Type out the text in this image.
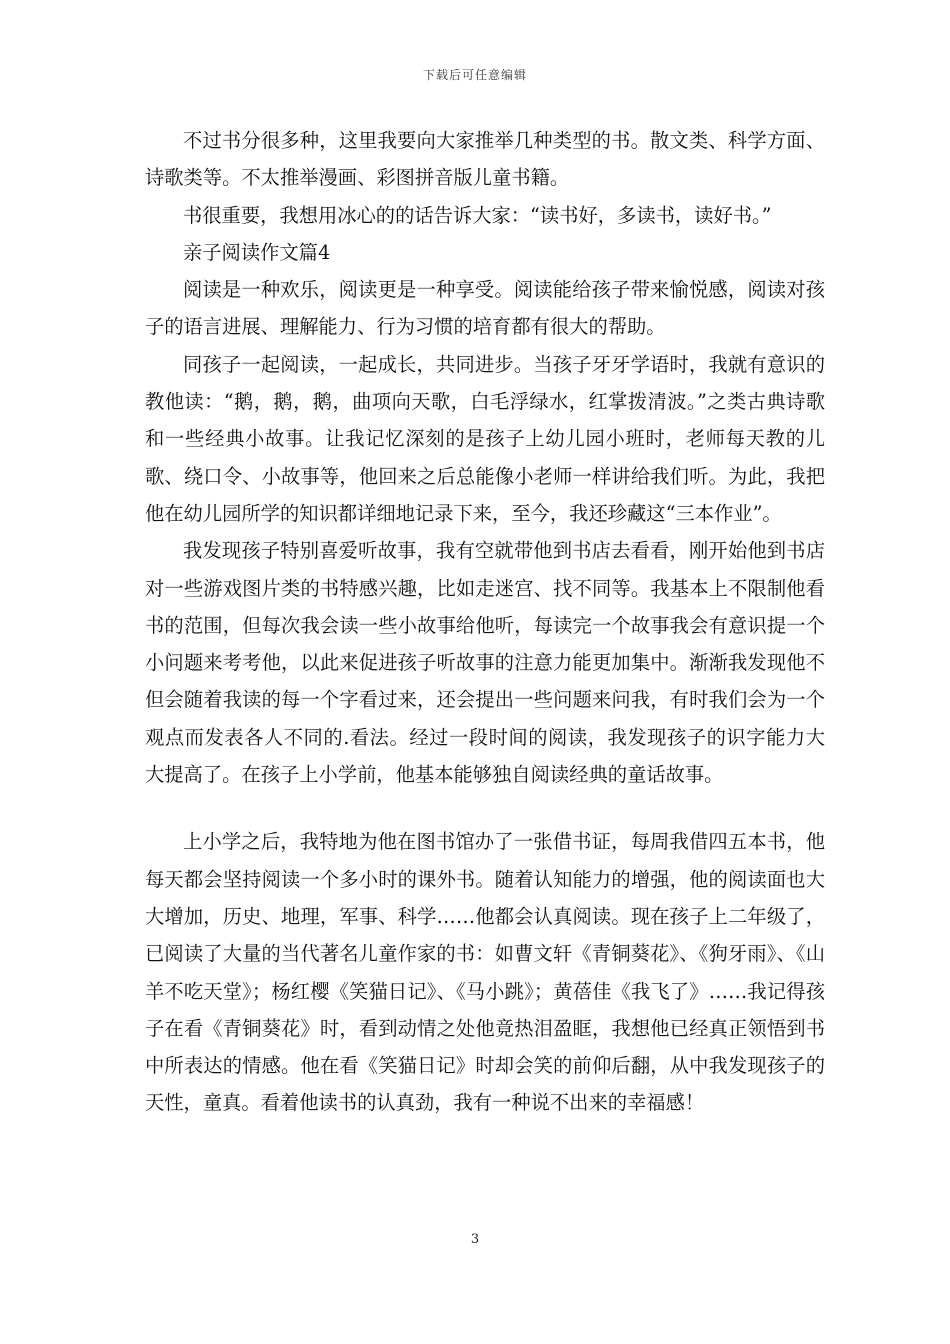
下载后可任意编辑

不过书分很多种，这里我要向大家推举几种类型的书。散文类、科学方面、诗歌类等。不太推举漫画、彩图拼音版儿童书籍。

书很重要，我想用冰心的的话告诉大家：“读书好，多读书，读好书。”

亲子阅读作文篇4

阅读是一种欢乐，阅读更是一种享受。阅读能给孩子带来愉悦感，阅读对孩子的语言进展、理解能力、行为习惯的培育都有很大的帮助。

同孩子一起阅读，一起成长，共同进步。当孩子牙牙学语时，我就有意识的教他读：“鹅，鹅，鹅，曲项向天歌，白毛浮绿水，红掌拨清波。”之类古典诗歌和一些经典小故事。让我记忆深刻的是孩子上幼儿园小班时，老师每天教的儿歌、绕口令、小故事等，他回来之后总能像小老师一样讲给我们听。为此，我把他在幼儿园所学的知识都详细地记录下来，至今，我还珍藏这“三本作业”。

我发现孩子特别喜爱听故事，我有空就带他到书店去看看，刚开始他到书店对一些游戏图片类的书特感兴趣，比如走迷宫、找不同等。我基本上不限制他看书的范围，但每次我会读一些小故事给他听，每读完一个故事我会有意识提一个小问题来考考他，以此来促进孩子听故事的注意力能更加集中。渐渐我发现他不但会随着我读的每一个字看过来，还会提出一些问题来问我，有时我们会为一个观点而发表各人不同的.看法。经过一段时间的阅读，我发现孩子的识字能力大大提高了。在孩子上小学前，他基本能够独自阅读经典的童话故事。

上小学之后，我特地为他在图书馆办了一张借书证，每周我借四五本书，他每天都会坚持阅读一个多小时的课外书。随着认知能力的增强，他的阅读面也大大增加，历史、地理，军事、科学……他都会认真阅读。现在孩子上二年级了，已阅读了大量的当代著名儿童作家的书：如曹文轩《青铜葵花》、《狗牙雨》、《山羊不吃天堂》；杨红樱《笑猫日记》、《马小跳》；黄蓓佳《我飞了》……我记得孩子在看《青铜葵花》时，看到动情之处他竟热泪盈眶，我想他已经真正领悟到书中所表达的情感。他在看《笑猫日记》时却会笑的前仰后翻，从中我发现孩子的天性，童真。看着他读书的认真劲，我有一种说不出来的幸福感！

3
